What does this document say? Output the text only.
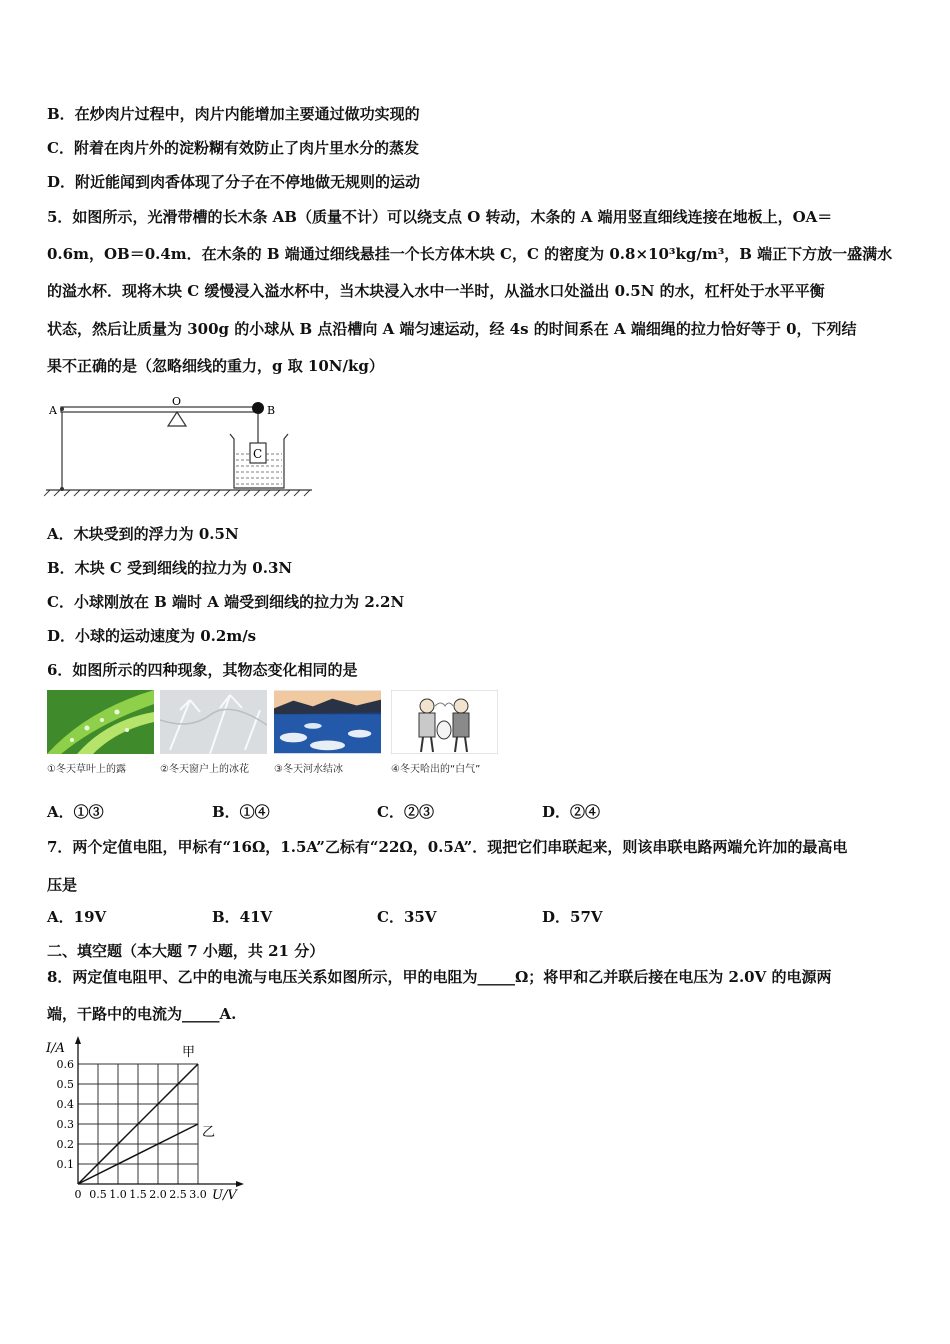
B．在炒肉片过程中，肉片内能增加主要通过做功实现的
C．附着在肉片外的淀粉糊有效防止了肉片里水分的蒸发
D．附近能闻到肉香体现了分子在不停地做无规则的运动
5．如图所示，光滑带槽的长木条 AB（质量不计）可以绕支点 O 转动，木条的 A 端用竖直细线连接在地板上，OA＝
0.6m，OB＝0.4m．在木条的 B 端通过细线悬挂一个长方体木块 C，C 的密度为 0.8×10³kg/m³，B 端正下方放一盛满水
的溢水杯．现将木块 C 缓慢浸入溢水杯中，当木块浸入水中一半时，从溢水口处溢出 0.5N 的水，杠杆处于水平平衡
状态，然后让质量为 300g 的小球从 B 点沿槽向 A 端匀速运动，经 4s 的时间系在 A 端细绳的拉力恰好等于 0，下列结
果不正确的是（忽略细线的重力，g 取 10N/kg）
C
A
O
B
A．木块受到的浮力为 0.5N
B．木块 C 受到细线的拉力为 0.3N
C．小球刚放在 B 端时 A 端受到细线的拉力为 2.2N
D．小球的运动速度为 0.2m/s
6．如图所示的四种现象，其物态变化相同的是
①冬天草叶上的露	②冬天窗户上的冰花	③冬天河水结冰	④冬天哈出的“白气”
A．①③	B．①④	C．②③	D．②④
7．两个定值电阻，甲标有“16Ω，1.5A”乙标有“22Ω，0.5A”．现把它们串联起来，则该串联电路两端允许加的最高电
压是
A．19V	B．41V	C．35V	D．57V
二、填空题（本大题 7 小题，共 21 分）
8．两定值电阻甲、乙中的电流与电压关系如图所示，甲的电阻为_____Ω；将甲和乙并联后接在电压为 2.0V 的电源两
端，干路中的电流为_____A.
0 0.5 1.0 1.5 2.0 2.5 3.0
0.1
0.2
0.3
0.4
0.5
0.6
I/A
U/V
甲
乙
